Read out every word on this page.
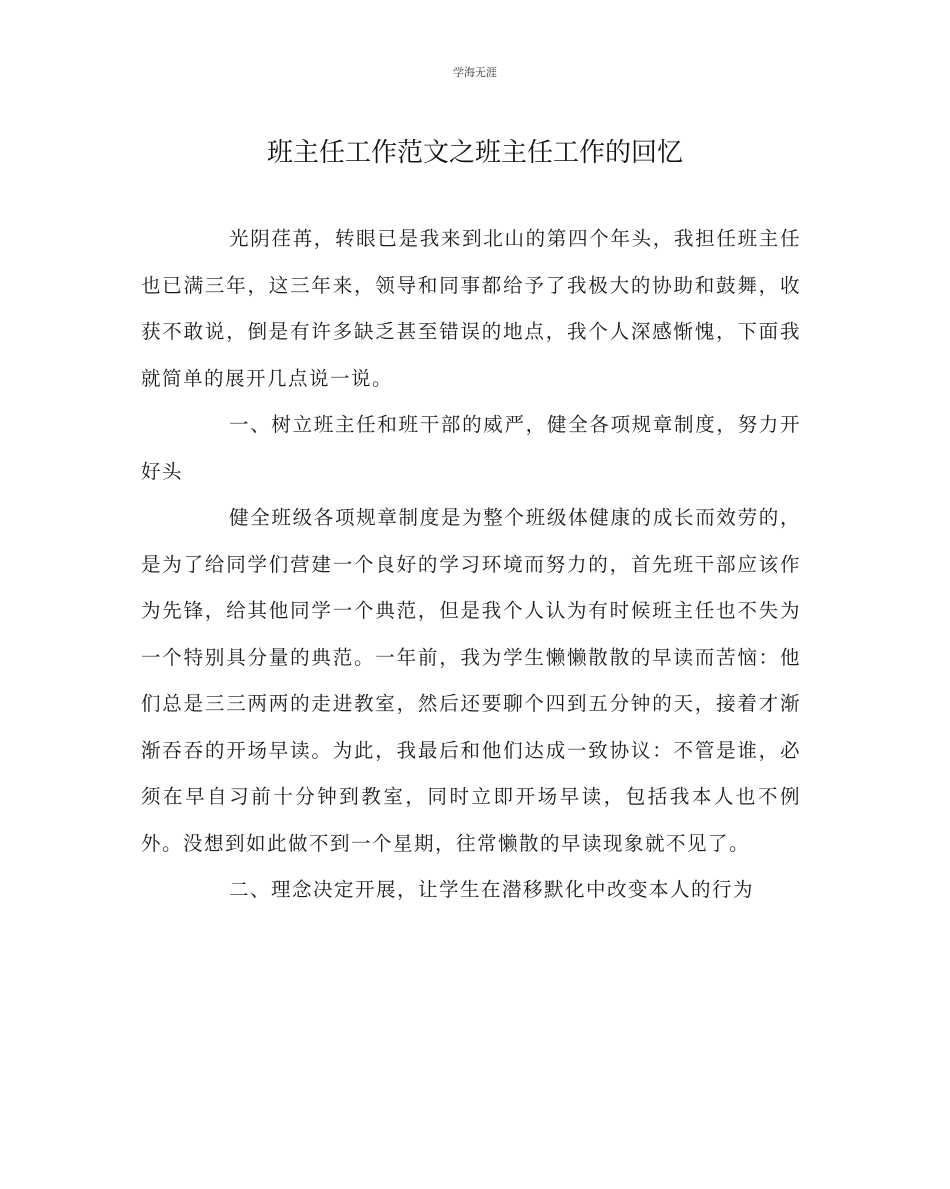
学海无涯
班主任工作范文之班主任工作的回忆

光阴荏苒，转眼已是我来到北山的第四个年头，我担任班主任也已满三年，这三年来，领导和同事都给予了我极大的协助和鼓舞，收获不敢说，倒是有许多缺乏甚至错误的地点，我个人深感惭愧，下面我就简单的展开几点说一说。

一、树立班主任和班干部的威严，健全各项规章制度，努力开好头

健全班级各项规章制度是为整个班级体健康的成长而效劳的，是为了给同学们营建一个良好的学习环境而努力的，首先班干部应该作为先锋，给其他同学一个典范，但是我个人认为有时候班主任也不失为一个特别具分量的典范。一年前，我为学生懒懒散散的早读而苦恼：他们总是三三两两的走进教室，然后还要聊个四到五分钟的天，接着才渐渐吞吞的开场早读。为此，我最后和他们达成一致协议：不管是谁，必须在早自习前十分钟到教室，同时立即开场早读，包括我本人也不例外。没想到如此做不到一个星期，往常懒散的早读现象就不见了。

二、理念决定开展，让学生在潜移默化中改变本人的行为
